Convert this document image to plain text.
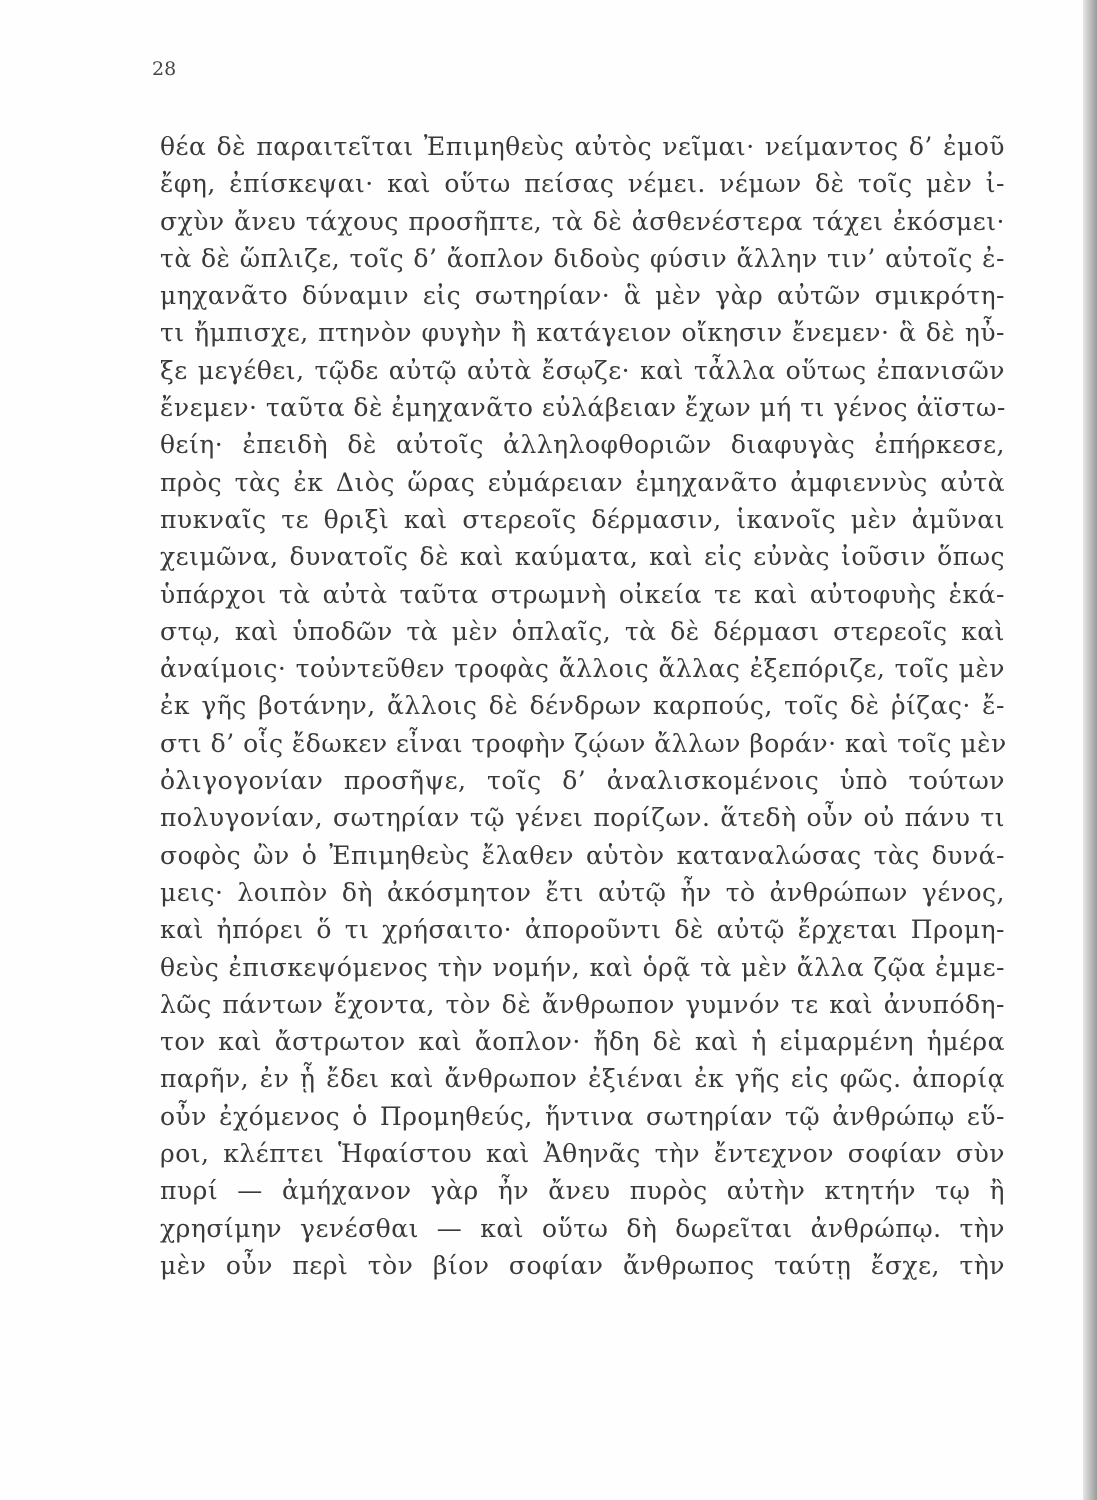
28
θέα δὲ παραιτεῖται Ἐπιμηθεὺς αὐτὸς νεῖμαι· νείμαντος δ’ ἐμοῦ
ἔφη, ἐπίσκεψαι· καὶ οὕτω πείσας νέμει. νέμων δὲ τοῖς μὲν ἰ-
σχὺν ἄνευ τάχους προσῆπτε, τὰ δὲ ἀσθενέστερα τάχει ἐκόσμει·
τὰ δὲ ὥπλιζε, τοῖς δ’ ἄοπλον διδοὺς φύσιν ἄλλην τιν’ αὐτοῖς ἐ-
μηχανᾶτο δύναμιν εἰς σωτηρίαν· ἃ μὲν γὰρ αὐτῶν σμικρότη-
τι ἤμπισχε, πτηνὸν φυγὴν ἢ κατάγειον οἴκησιν ἔνεμεν· ἃ δὲ ηὖ-
ξε μεγέθει, τῷδε αὐτῷ αὐτὰ ἔσῳζε· καὶ τἆλλα οὕτως ἐπανισῶν
ἔνεμεν· ταῦτα δὲ ἐμηχανᾶτο εὐλάβειαν ἔχων μή τι γένος ἀϊστω-
θείη· ἐπειδὴ δὲ αὐτοῖς ἀλληλοφθοριῶν διαφυγὰς ἐπήρκεσε,
πρὸς τὰς ἐκ Διὸς ὥρας εὐμάρειαν ἐμηχανᾶτο ἀμφιεννὺς αὐτὰ
πυκναῖς τε θριξὶ καὶ στερεοῖς δέρμασιν, ἱκανοῖς μὲν ἀμῦναι
χειμῶνα, δυνατοῖς δὲ καὶ καύματα, καὶ εἰς εὐνὰς ἰοῦσιν ὅπως
ὑπάρχοι τὰ αὐτὰ ταῦτα στρωμνὴ οἰκεία τε καὶ αὐτοφυὴς ἑκά-
στῳ, καὶ ὑποδῶν τὰ μὲν ὁπλαῖς, τὰ δὲ δέρμασι στερεοῖς καὶ
ἀναίμοις· τοὐντεῦθεν τροφὰς ἄλλοις ἄλλας ἐξεπόριζε, τοῖς μὲν
ἐκ γῆς βοτάνην, ἄλλοις δὲ δένδρων καρπούς, τοῖς δὲ ῥίζας· ἔ-
στι δ’ οἷς ἔδωκεν εἶναι τροφὴν ζῴων ἄλλων βοράν· καὶ τοῖς μὲν
ὀλιγογονίαν προσῆψε, τοῖς δ’ ἀναλισκομένοις ὑπὸ τούτων
πολυγονίαν, σωτηρίαν τῷ γένει πορίζων. ἅτεδὴ οὖν οὐ πάνυ τι
σοφὸς ὢν ὁ Ἐπιμηθεὺς ἔλαθεν αὑτὸν καταναλώσας τὰς δυνά-
μεις· λοιπὸν δὴ ἀκόσμητον ἔτι αὐτῷ ἦν τὸ ἀνθρώπων γένος,
καὶ ἠπόρει ὅ τι χρήσαιτο· ἀποροῦντι δὲ αὐτῷ ἔρχεται Προμη-
θεὺς ἐπισκεψόμενος τὴν νομήν, καὶ ὁρᾷ τὰ μὲν ἄλλα ζῷα ἐμμε-
λῶς πάντων ἔχοντα, τὸν δὲ ἄνθρωπον γυμνόν τε καὶ ἀνυπόδη-
τον καὶ ἄστρωτον καὶ ἄοπλον· ἤδη δὲ καὶ ἡ εἱμαρμένη ἡμέρα
παρῆν, ἐν ᾗ ἔδει καὶ ἄνθρωπον ἐξιέναι ἐκ γῆς εἰς φῶς. ἀπορίᾳ
οὖν ἐχόμενος ὁ Προμηθεύς, ἥντινα σωτηρίαν τῷ ἀνθρώπῳ εὕ-
ροι, κλέπτει Ἡφαίστου καὶ Ἀθηνᾶς τὴν ἔντεχνον σοφίαν σὺν
πυρί — ἀμήχανον γὰρ ἦν ἄνευ πυρὸς αὐτὴν κτητήν τῳ ἢ
χρησίμην γενέσθαι — καὶ οὕτω δὴ δωρεῖται ἀνθρώπῳ. τὴν
μὲν οὖν περὶ τὸν βίον σοφίαν ἄνθρωπος ταύτῃ ἔσχε, τὴν
